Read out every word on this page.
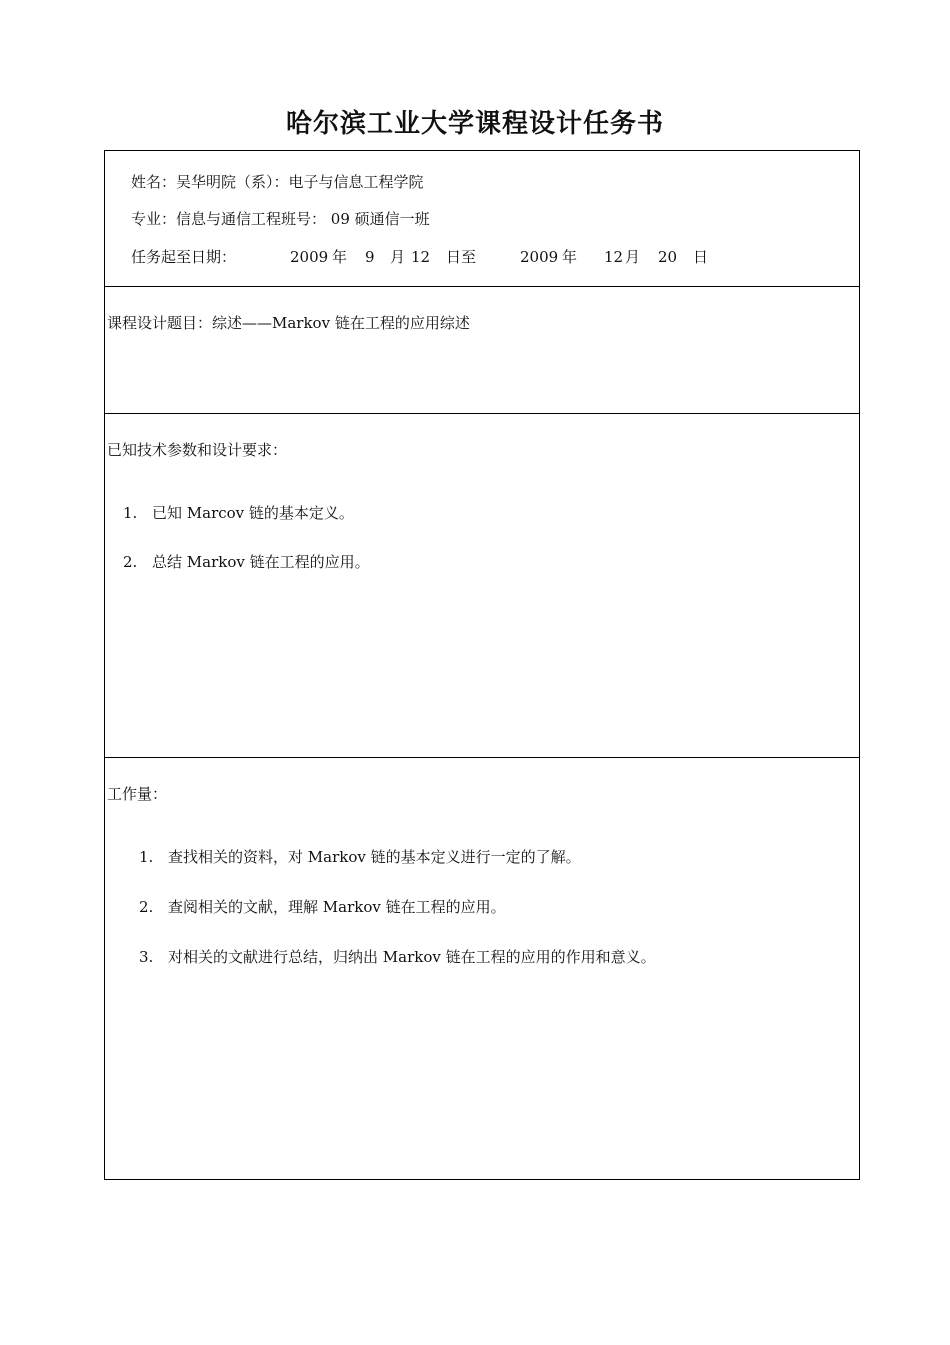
哈尔滨工业大学课程设计任务书
姓名：吴华明院（系）：电子与信息工程学院
专业：信息与通信工程班号： 09 硕通信一班
任务起至日期：	2009 年 9 月 12 日至	2009 年 12 月 20 日
课程设计题目：综述——Markov 链在工程的应用综述
已知技术参数和设计要求：
1. 已知 Marcov 链的基本定义。
2. 总结 Markov 链在工程的应用。
工作量：
1. 查找相关的资料，对 Markov 链的基本定义进行一定的了解。
2. 查阅相关的文献，理解 Markov 链在工程的应用。
3. 对相关的文献进行总结，归纳出 Markov 链在工程的应用的作用和意义。
